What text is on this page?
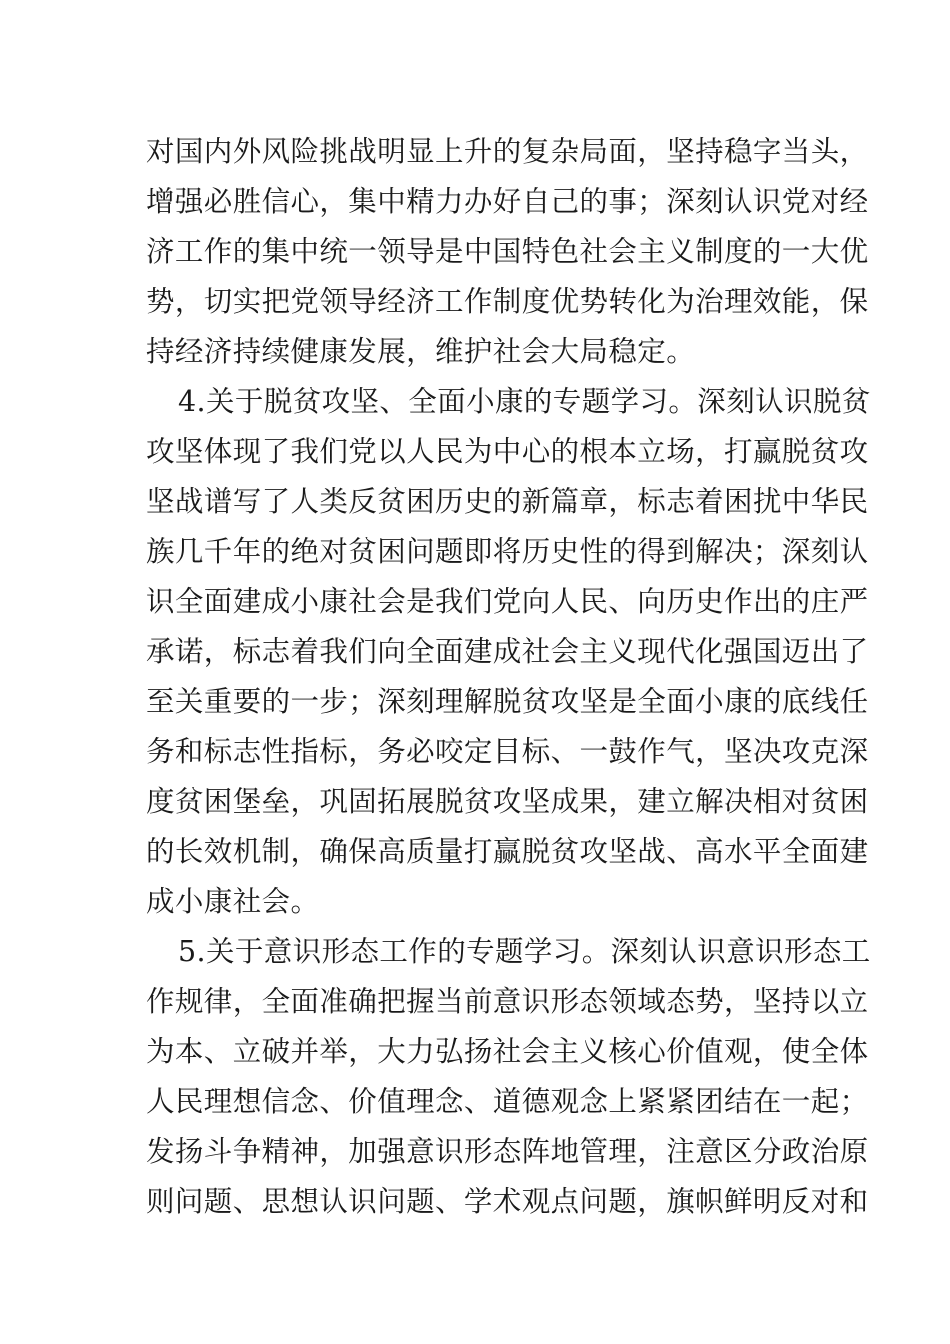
对国内外风险挑战明显上升的复杂局面，坚持稳字当头，
增强必胜信心，集中精力办好自己的事；深刻认识党对经
济工作的集中统一领导是中国特色社会主义制度的一大优
势，切实把党领导经济工作制度优势转化为治理效能，保
持经济持续健康发展，维护社会大局稳定。
4.关于脱贫攻坚、全面小康的专题学习。深刻认识脱贫
攻坚体现了我们党以人民为中心的根本立场，打赢脱贫攻
坚战谱写了人类反贫困历史的新篇章，标志着困扰中华民
族几千年的绝对贫困问题即将历史性的得到解决；深刻认
识全面建成小康社会是我们党向人民、向历史作出的庄严
承诺，标志着我们向全面建成社会主义现代化强国迈出了
至关重要的一步；深刻理解脱贫攻坚是全面小康的底线任
务和标志性指标，务必咬定目标、一鼓作气，坚决攻克深
度贫困堡垒，巩固拓展脱贫攻坚成果，建立解决相对贫困
的长效机制，确保高质量打赢脱贫攻坚战、高水平全面建
成小康社会。
5.关于意识形态工作的专题学习。深刻认识意识形态工
作规律，全面准确把握当前意识形态领域态势，坚持以立
为本、立破并举，大力弘扬社会主义核心价值观，使全体
人民理想信念、价值理念、道德观念上紧紧团结在一起；
发扬斗争精神，加强意识形态阵地管理，注意区分政治原
则问题、思想认识问题、学术观点问题，旗帜鲜明反对和
